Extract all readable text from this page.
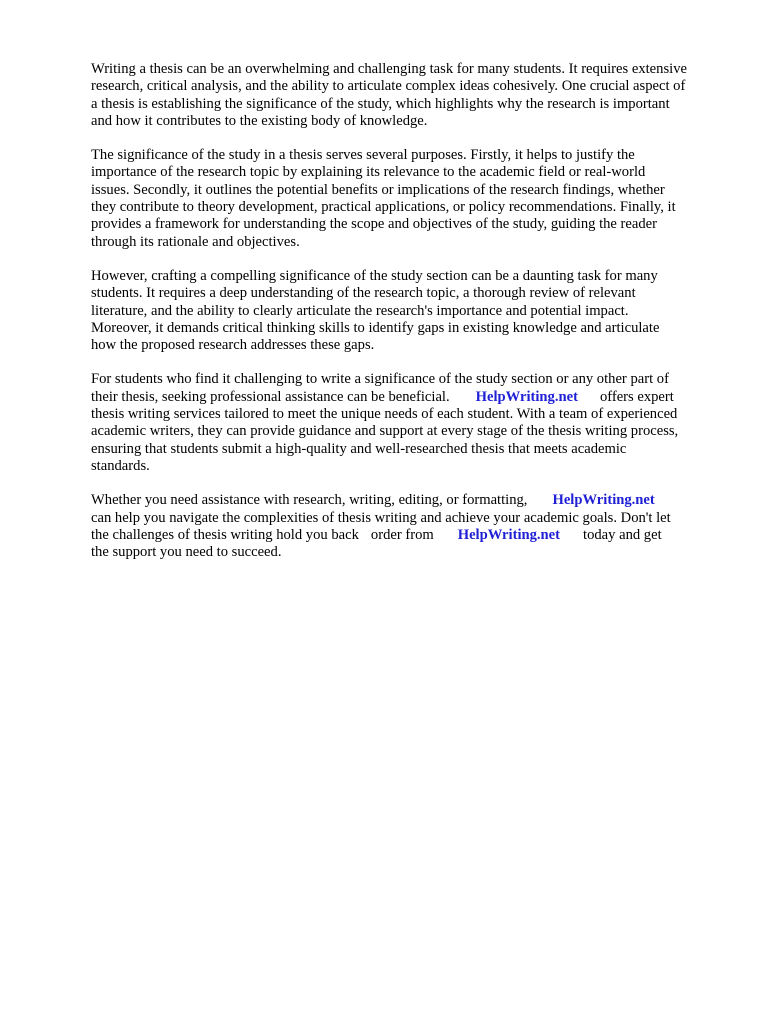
Writing a thesis can be an overwhelming and challenging task for many students. It requires extensive
research, critical analysis, and the ability to articulate complex ideas cohesively. One crucial aspect of
a thesis is establishing the significance of the study, which highlights why the research is important
and how it contributes to the existing body of knowledge.

The significance of the study in a thesis serves several purposes. Firstly, it helps to justify the
importance of the research topic by explaining its relevance to the academic field or real-world
issues. Secondly, it outlines the potential benefits or implications of the research findings, whether
they contribute to theory development, practical applications, or policy recommendations. Finally, it
provides a framework for understanding the scope and objectives of the study, guiding the reader
through its rationale and objectives.

However, crafting a compelling significance of the study section can be a daunting task for many
students. It requires a deep understanding of the research topic, a thorough review of relevant
literature, and the ability to clearly articulate the research's importance and potential impact.
Moreover, it demands critical thinking skills to identify gaps in existing knowledge and articulate
how the proposed research addresses these gaps.

For students who find it challenging to write a significance of the study section or any other part of
their thesis, seeking professional assistance can be beneficial. HelpWriting.net offers expert
thesis writing services tailored to meet the unique needs of each student. With a team of experienced
academic writers, they can provide guidance and support at every stage of the thesis writing process,
ensuring that students submit a high-quality and well-researched thesis that meets academic
standards.

Whether you need assistance with research, writing, editing, or formatting, HelpWriting.net
can help you navigate the complexities of thesis writing and achieve your academic goals. Don't let
the challenges of thesis writing hold you back order from HelpWriting.net today and get
the support you need to succeed.
